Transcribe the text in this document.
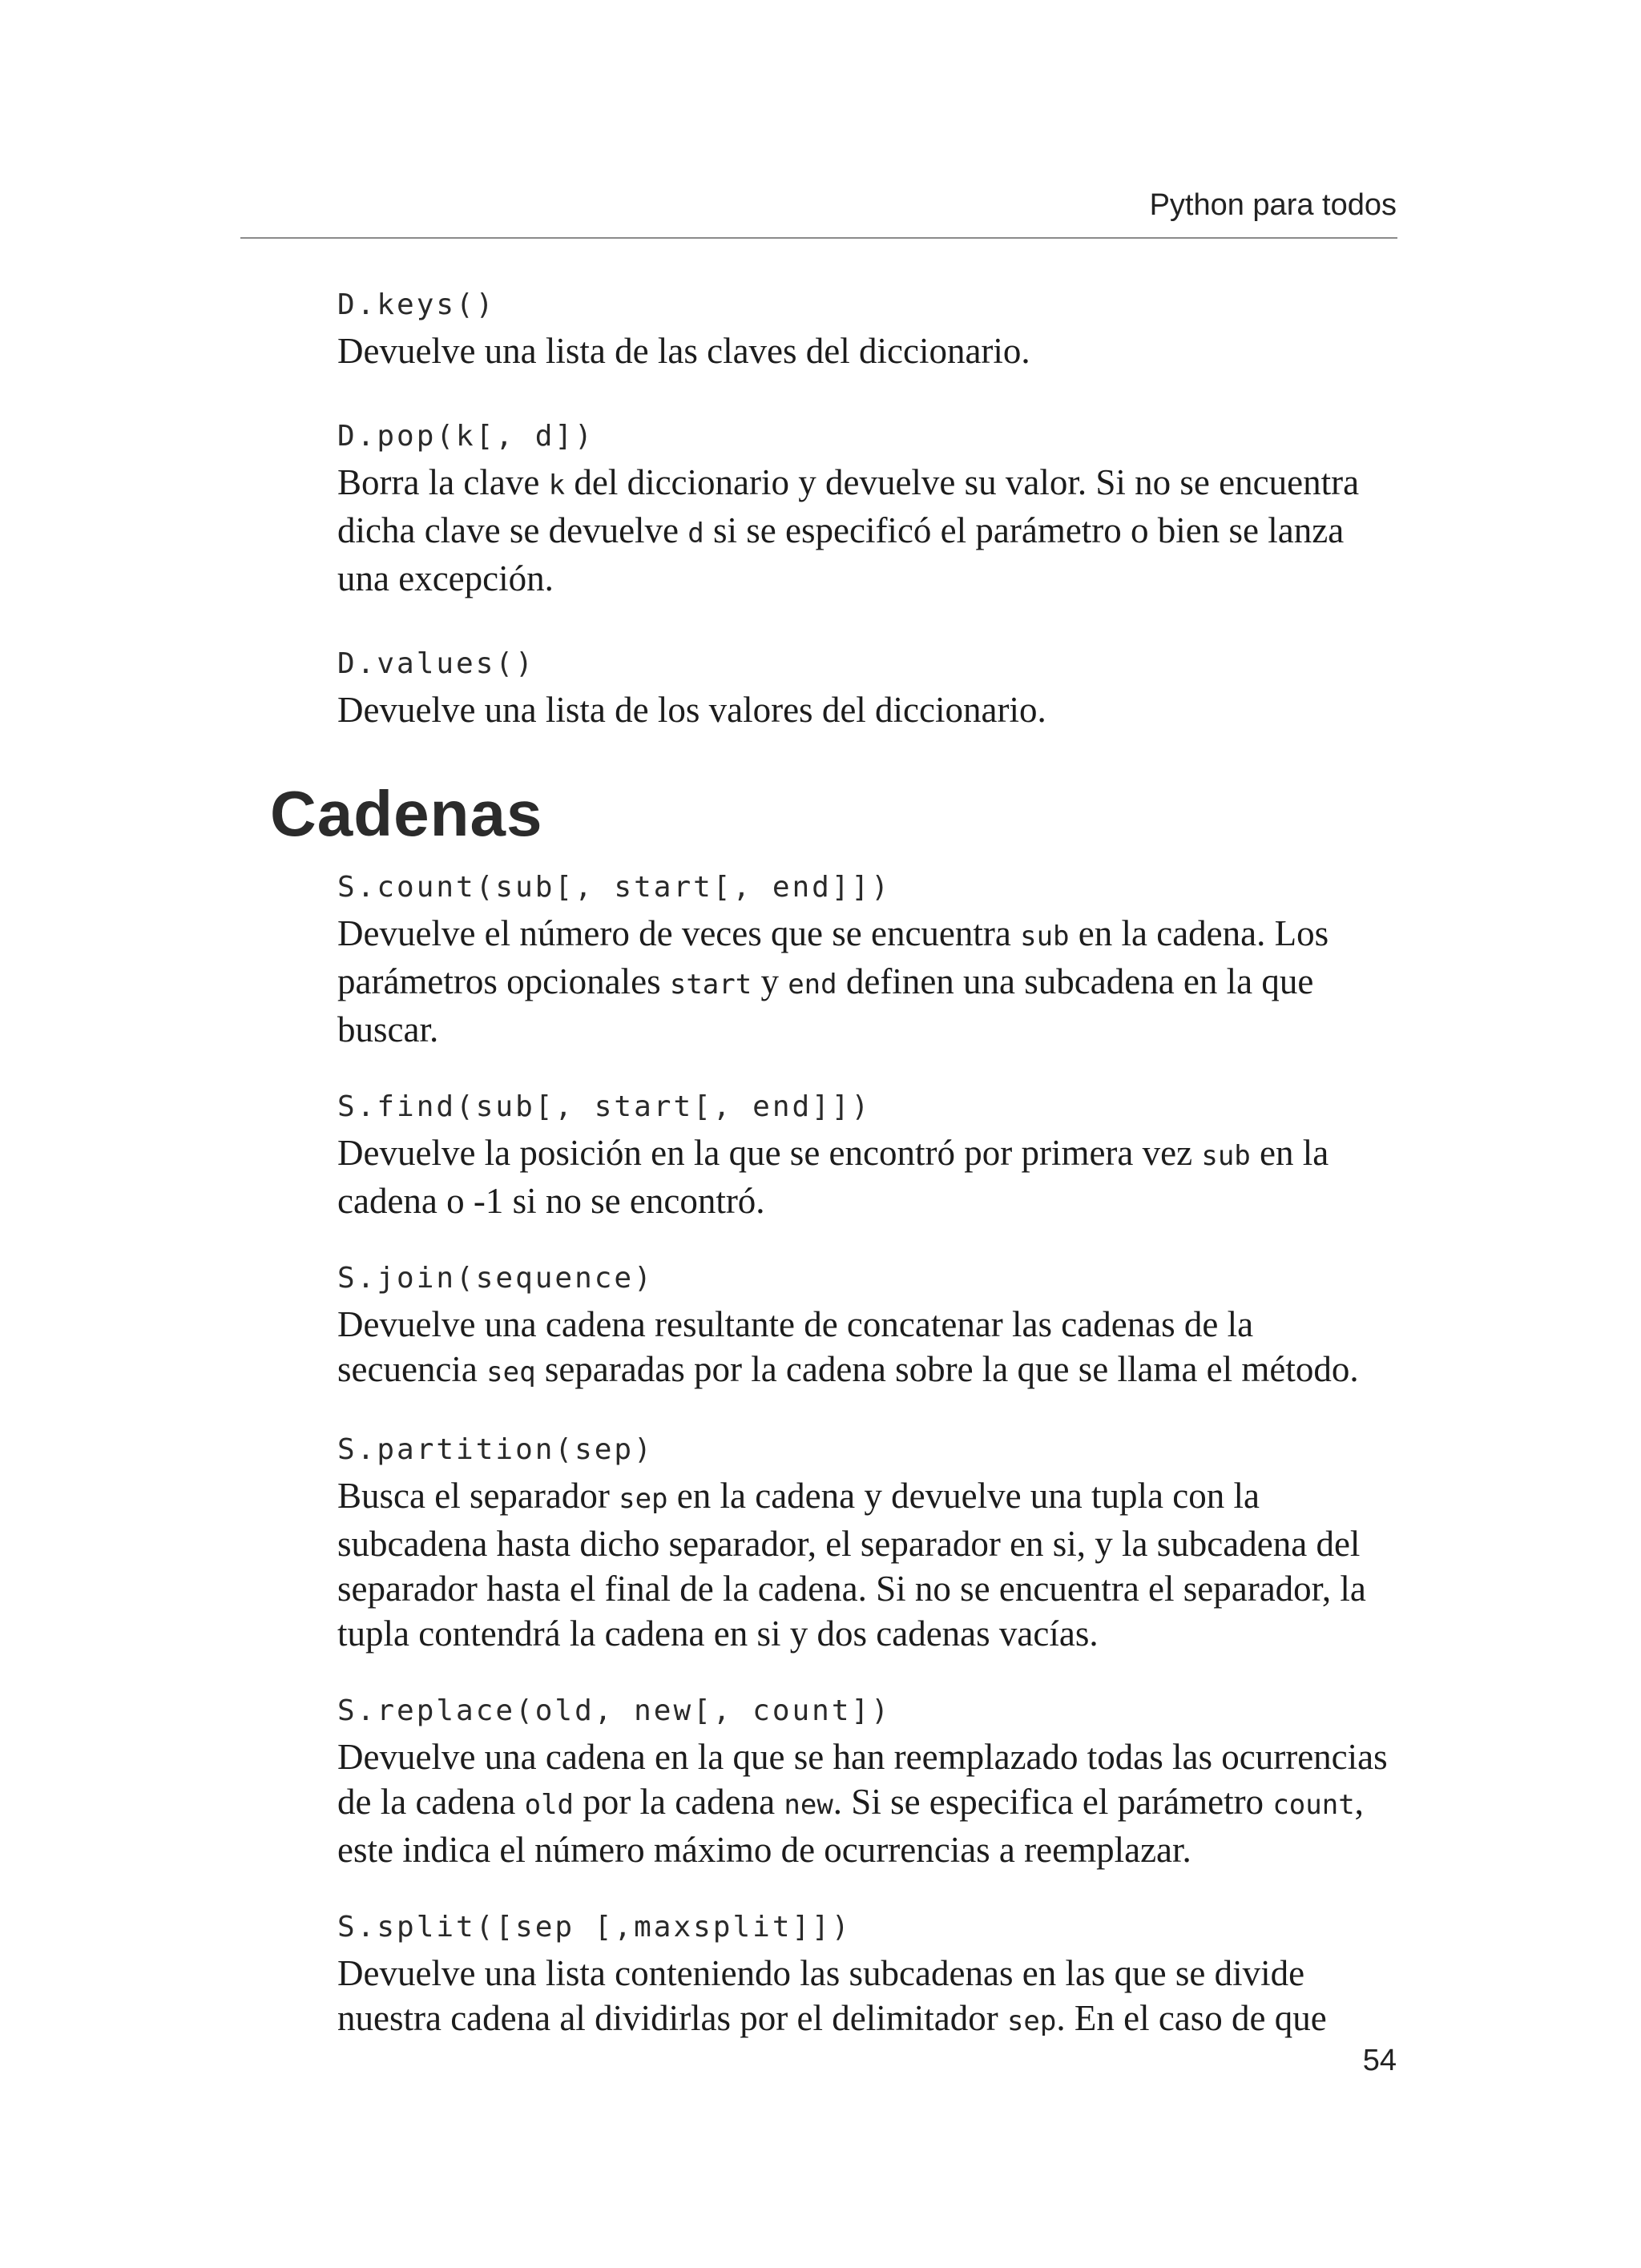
Python para todos

D.keys()

Devuelve una lista de las claves del diccionario.

D.pop(k[, d])

Borra la clave k del diccionario y devuelve su valor. Si no se encuentra dicha clave se devuelve d si se especificó el parámetro o bien se lanza una excepción.

D.values()

Devuelve una lista de los valores del diccionario.

Cadenas

S.count(sub[, start[, end]])

Devuelve el número de veces que se encuentra sub en la cadena. Los parámetros opcionales start y end definen una subcadena en la que buscar.

S.find(sub[, start[, end]])

Devuelve la posición en la que se encontró por primera vez sub en la cadena o -1 si no se encontró.

S.join(sequence)

Devuelve una cadena resultante de concatenar las cadenas de la secuencia seq separadas por la cadena sobre la que se llama el método.

S.partition(sep)

Busca el separador sep en la cadena y devuelve una tupla con la subcadena hasta dicho separador, el separador en si, y la subcadena del separador hasta el final de la cadena. Si no se encuentra el separador, la tupla contendrá la cadena en si y dos cadenas vacías.

S.replace(old, new[, count])

Devuelve una cadena en la que se han reemplazado todas las ocurrencias de la cadena old por la cadena new. Si se especifica el parámetro count, este indica el número máximo de ocurrencias a reemplazar.

S.split([sep [,maxsplit]])

Devuelve una lista conteniendo las subcadenas en las que se divide nuestra cadena al dividirlas por el delimitador sep. En el caso de que

54
